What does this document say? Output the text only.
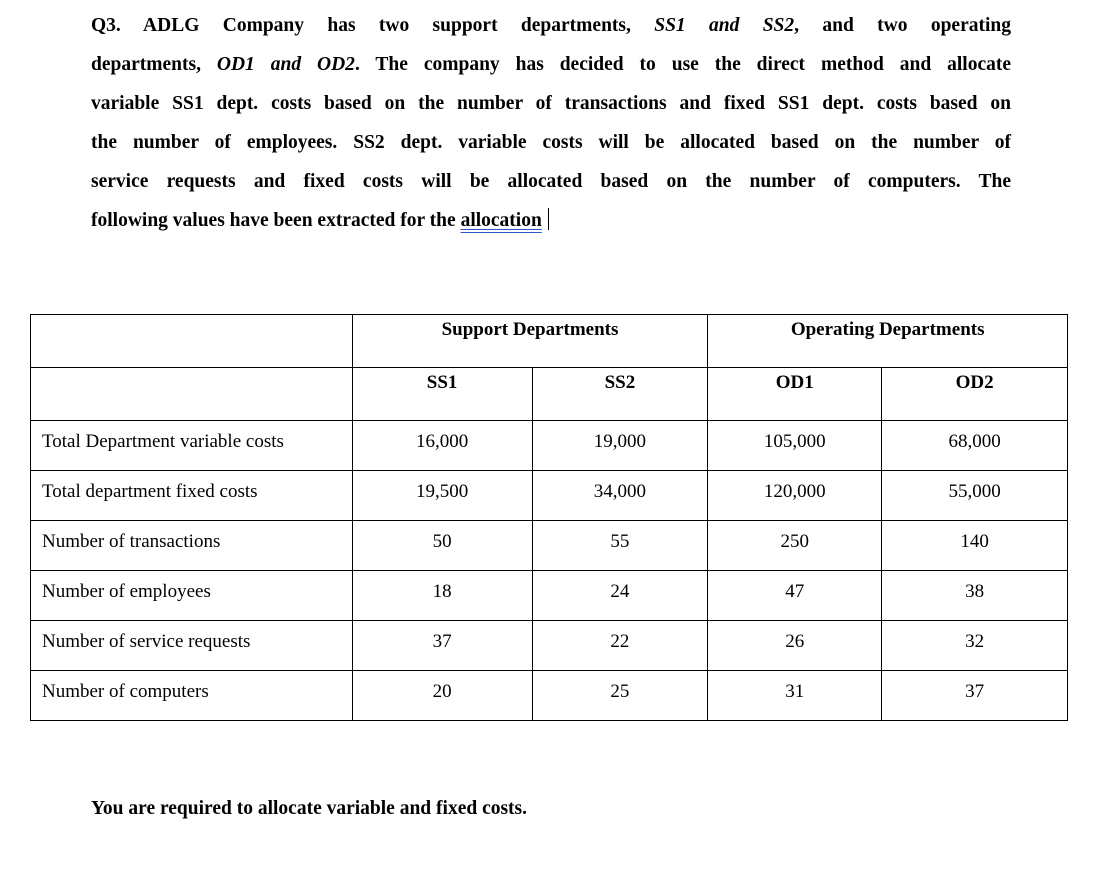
Q3. ADLG Company has two support departments, SS1 and SS2, and two operating
departments, OD1 and OD2. The company has decided to use the direct method and allocate
variable SS1 dept. costs based on the number of transactions and fixed SS1 dept. costs based on
the number of employees. SS2 dept. variable costs will be allocated based on the number of
service requests and fixed costs will be allocated based on the number of computers. The
following values have been extracted for the allocation

	Support Departments		Operating Departments	

	SS1	SS2	OD1	OD2

Total Department variable costs	16,000	19,000	105,000	68,000

Total department fixed costs	19,500	34,000	120,000	55,000

Number of transactions	50	55	250	140

Number of employees	18	24	47	38

Number of service requests	37	22	26	32

Number of computers	20	25	31	37
You are required to allocate variable and fixed costs.
